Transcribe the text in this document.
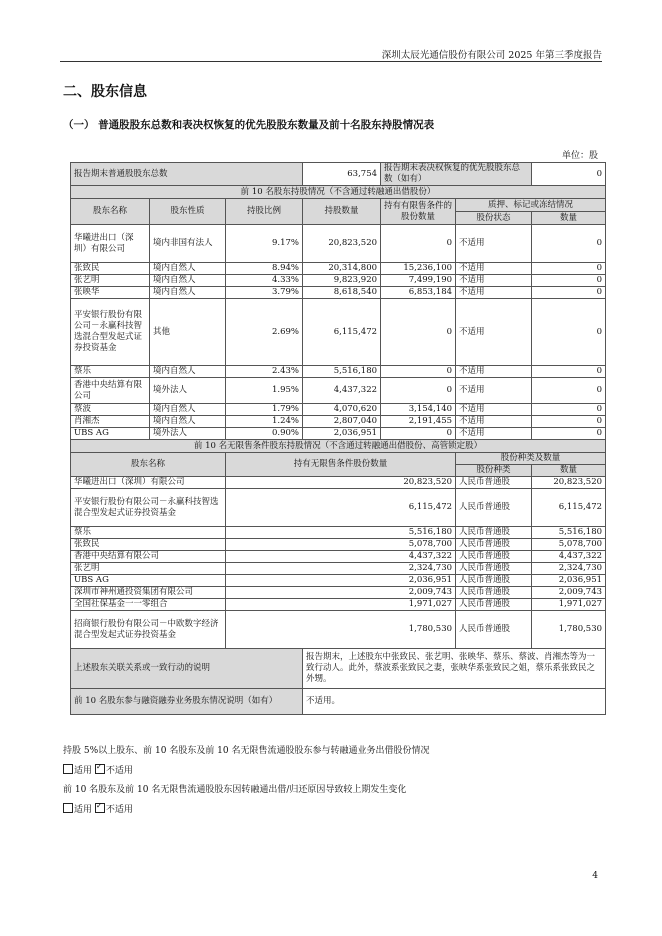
深圳太辰光通信股份有限公司 2025 年第三季度报告
二、股东信息
（一） 普通股股东总数和表决权恢复的优先股股东数量及前十名股东持股情况表
单位：股
报告期末普通股股东总数			63,754	报告期末表决权恢复的优先股股东总数（如有）		0
前 10 名股东持股情况（不含通过转融通出借股份）						
股东名称	股东性质	持股比例	持股数量	持有有限售条件的股份数量	质押、标记或冻结情况	
					股份状态	数量
华曦进出口（深圳）有限公司	境内非国有法人	9.17%	20,823,520	0	不适用	0
张致民	境内自然人	8.94%	20,314,800	15,236,100	不适用	0
张艺明	境内自然人	4.33%	9,823,920	7,499,190	不适用	0
张映华	境内自然人	3.79%	8,618,540	6,853,184	不适用	0
平安银行股份有限公司－永赢科技智选混合型发起式证券投资基金	其他	2.69%	6,115,472	0	不适用	0
蔡乐	境内自然人	2.43%	5,516,180	0	不适用	0
香港中央结算有限公司	境外法人	1.95%	4,437,322	0	不适用	0
蔡波	境内自然人	1.79%	4,070,620	3,154,140	不适用	0
肖湘杰	境内自然人	1.24%	2,807,040	2,191,455	不适用	0
UBS AG	境外法人	0.90%	2,036,951	0	不适用	0
前 10 名无限售条件股东持股情况（不含通过转融通出借股份、高管锁定股）						
股东名称		持有无限售条件股份数量			股份种类及数量	
					股份种类	数量
华曦进出口（深圳）有限公司		20,823,520			人民币普通股	20,823,520
平安银行股份有限公司－永赢科技智选混合型发起式证券投资基金		6,115,472			人民币普通股	6,115,472
蔡乐		5,516,180			人民币普通股	5,516,180
张致民		5,078,700			人民币普通股	5,078,700
香港中央结算有限公司		4,437,322			人民币普通股	4,437,322
张艺明		2,324,730			人民币普通股	2,324,730
UBS AG		2,036,951			人民币普通股	2,036,951
深圳市神州通投资集团有限公司		2,009,743			人民币普通股	2,009,743
全国社保基金一一零组合		1,971,027			人民币普通股	1,971,027
招商银行股份有限公司－中欧数字经济混合型发起式证券投资基金		1,780,530			人民币普通股	1,780,530
上述股东关联关系或一致行动的说明			报告期末，上述股东中张致民、张艺明、张映华、蔡乐、蔡波、肖湘杰等为一致行动人。此外，蔡波系张致民之妻，张映华系张致民之姐，蔡乐系张致民之外甥。			
前 10 名股东参与融资融券业务股东情况说明（如有）			不适用。			
持股 5%以上股东、前 10 名股东及前 10 名无限售流通股股东参与转融通业务出借股份情况
适用 ✓ 不适用
前 10 名股东及前 10 名无限售流通股股东因转融通出借/归还原因导致较上期发生变化
适用 ✓ 不适用
4
